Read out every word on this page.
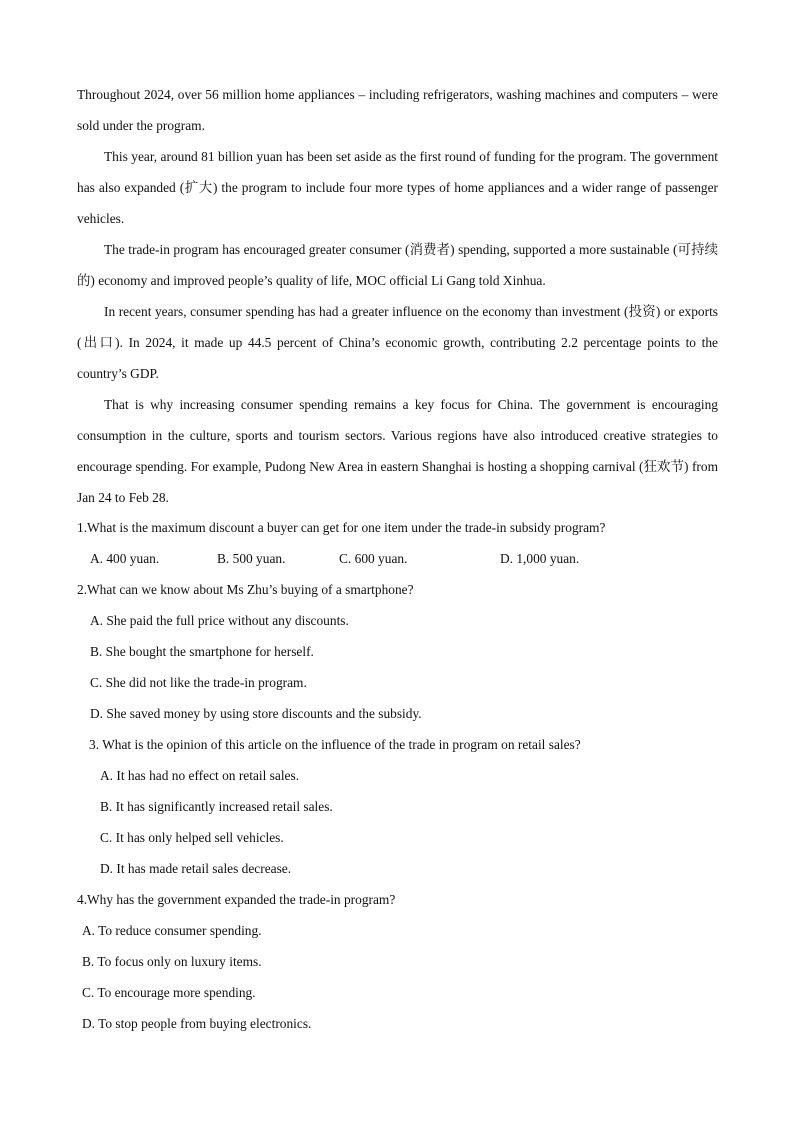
Throughout 2024, over 56 million home appliances – including refrigerators, washing machines and computers – were sold under the program.

This year, around 81 billion yuan has been set aside as the first round of funding for the program. The government has also expanded (扩大) the program to include four more types of home appliances and a wider range of passenger vehicles.

The trade-in program has encouraged greater consumer (消费者) spending, supported a more sustainable (可持续的) economy and improved people’s quality of life, MOC official Li Gang told Xinhua.

In recent years, consumer spending has had a greater influence on the economy than investment (投资) or exports (出口). In 2024, it made up 44.5 percent of China’s economic growth, contributing 2.2 percentage points to the country’s GDP.

That is why increasing consumer spending remains a key focus for China. The government is encouraging consumption in the culture, sports and tourism sectors. Various regions have also introduced creative strategies to encourage spending. For example, Pudong New Area in eastern Shanghai is hosting a shopping carnival (狂欢节) from Jan 24 to Feb 28.

1.What is the maximum discount a buyer can get for one item under the trade-in subsidy program?

A. 400 yuan.	B. 500 yuan.	C. 600 yuan.	D. 1,000 yuan.

2.What can we know about Ms Zhu’s buying of a smartphone?

A. She paid the full price without any discounts.

B. She bought the smartphone for herself.

C. She did not like the trade-in program.

D. She saved money by using store discounts and the subsidy.

3. What is the opinion of this article on the influence of the trade in program on retail sales?

A. It has had no effect on retail sales.

B. It has significantly increased retail sales.

C. It has only helped sell vehicles.

D. It has made retail sales decrease.

4.Why has the government expanded the trade-in program?

A. To reduce consumer spending.

B. To focus only on luxury items.

C. To encourage more spending.

D. To stop people from buying electronics.
